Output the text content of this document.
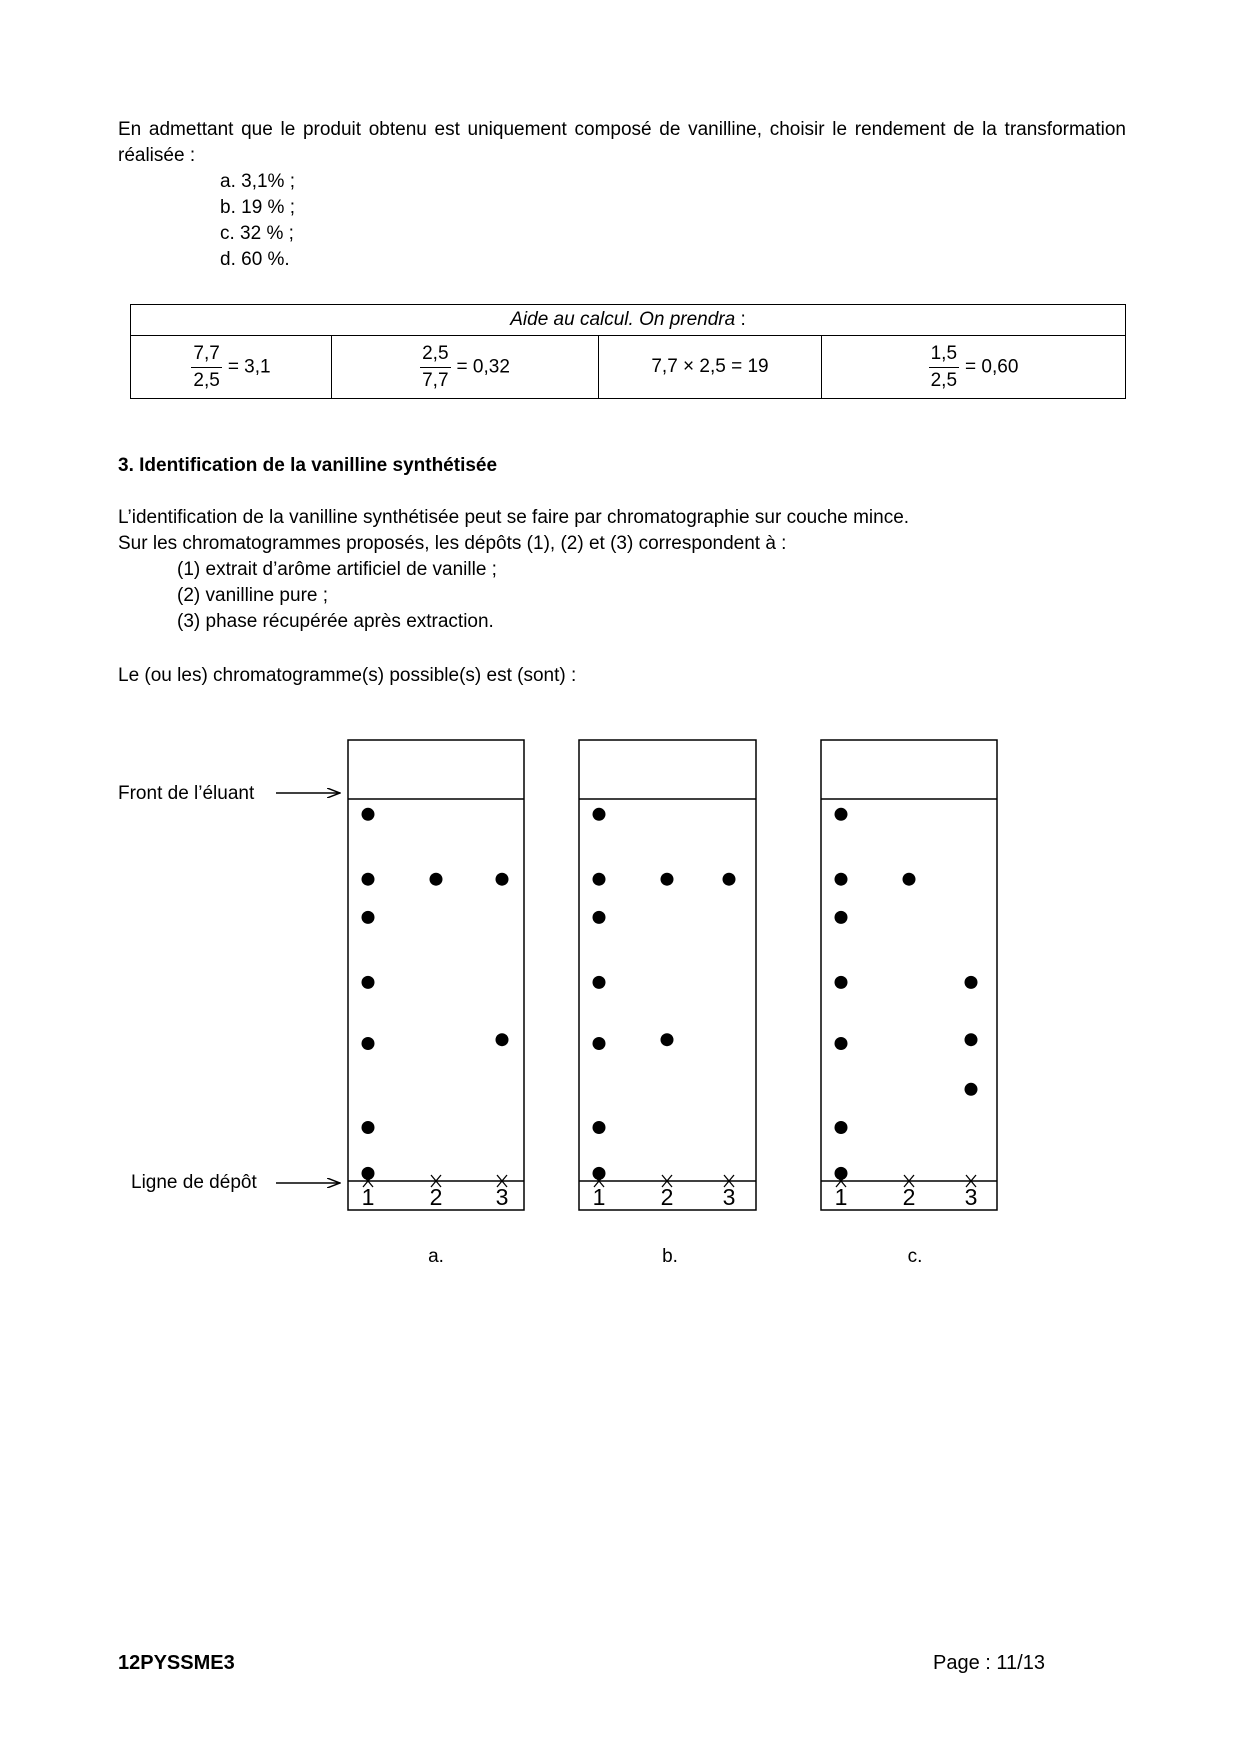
En admettant que le produit obtenu est uniquement composé de vanilline, choisir le rendement de la transformation réalisée :

a. 3,1% ;
b. 19 % ;
c. 32 % ;
d. 60 %.
Aide au calcul. On prendra :

$\frac{7,7}{2,5} = 3,1$	$\frac{2,5}{7,7} = 0,32$	7,7 × 2,5 = 19	$\frac{1,5}{2,5} = 0,60$
3. Identification de la vanilline synthétisée
L’identification de la vanilline synthétisée peut se faire par chromatographie sur couche mince.
Sur les chromatogrammes proposés, les dépôts (1), (2) et (3) correspondent à :
(1) extrait d’arôme artificiel de vanille ;
(2) vanilline pure ;
(3) phase récupérée après extraction.
Le (ou les) chromatogramme(s) possible(s) est (sont) :
Front de l’éluant
Ligne de dépôt
a.	b.	c.
1 2 3	1 2 3	1 2 3
12PYSSME3	Page : 11/13
